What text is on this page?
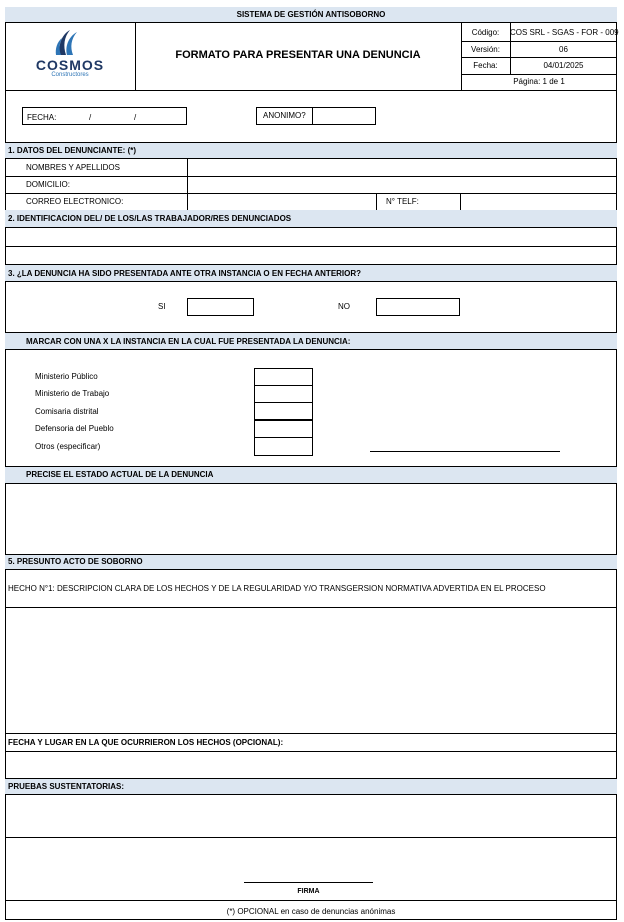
SISTEMA DE GESTIÓN ANTISOBORNO
COSMOS
Constructores
FORMATO PARA PRESENTAR UNA DENUNCIA
Código:	COS SRL - SGAS - FOR - 009
Versión:	06
Fecha:	04/01/2025
Página: 1 de 1
FECHA:	/	/	ANONIMO?
1. DATOS DEL DENUNCIANTE: (*)
NOMBRES Y APELLIDOS
DOMICILIO:
CORREO ELECTRONICO:	N° TELF:
2. IDENTIFICACION DEL/ DE LOS/LAS TRABAJADOR/RES DENUNCIADOS
3. ¿LA DENUNCIA HA SIDO PRESENTADA ANTE OTRA INSTANCIA O EN FECHA ANTERIOR?
SI	NO
MARCAR CON UNA X LA INSTANCIA EN LA CUAL FUE PRESENTADA LA DENUNCIA:
Ministerio Público
Ministerio de Trabajo
Comisaria distrital
Defensoria del Pueblo
Otros (especificar)
PRECISE EL ESTADO ACTUAL DE LA DENUNCIA
5. PRESUNTO ACTO DE SOBORNO
HECHO N°1: DESCRIPCION CLARA DE LOS HECHOS Y DE LA REGULARIDAD Y/O TRANSGERSION NORMATIVA ADVERTIDA EN EL PROCESO
FECHA Y LUGAR EN LA QUE OCURRIERON LOS HECHOS (OPCIONAL):
PRUEBAS SUSTENTATORIAS:
FIRMA
(*) OPCIONAL en caso de denuncias anónimas
